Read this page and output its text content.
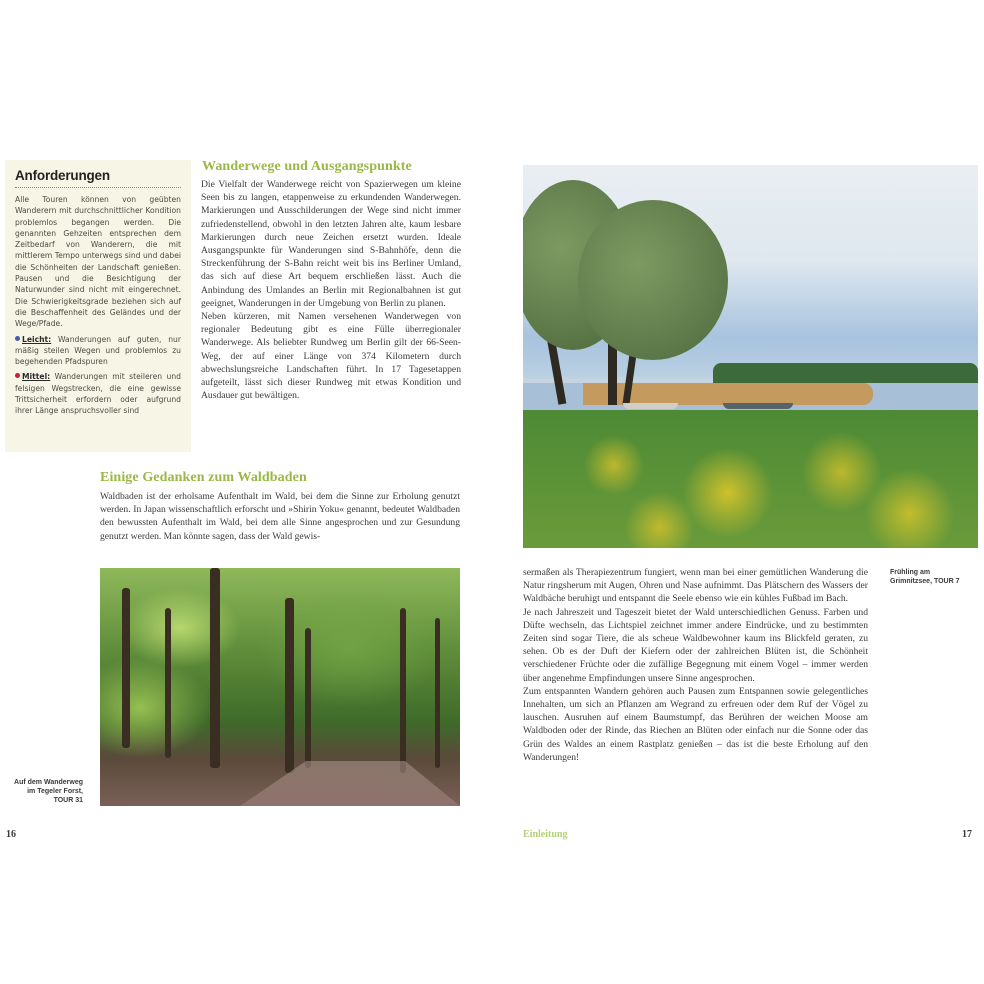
Anforderungen
Alle Touren können von geübten Wanderern mit durchschnittlicher Kondition problemlos begangen werden. Die genannten Gehzeiten entsprechen dem Zeitbedarf von Wanderern, die mit mittlerem Tempo unterwegs sind und dabei die Schönheiten der Landschaft genießen. Pausen und die Besichtigung der Naturwunder sind nicht mit eingerechnet. Die Schwierigkeitsgrade beziehen sich auf die Beschaffenheit des Geländes und der Wege/Pfade.
Leicht: Wanderungen auf guten, nur mäßig steilen Wegen und problemlos zu begehenden Pfadspuren
Mittel: Wanderungen mit steileren und felsigen Wegstrecken, die eine gewisse Trittsicherheit erfordern oder aufgrund ihrer Länge anspruchsvoller sind
Wanderwege und Ausgangspunkte

Die Vielfalt der Wanderwege reicht von Spazierwegen um kleine Seen bis zu langen, etappenweise zu erkundenden Wanderwegen. Markierungen und Ausschilderungen der Wege sind nicht immer zufriedenstellend, obwohl in den letzten Jahren alte, kaum lesbare Markierungen durch neue Zeichen ersetzt wurden. Ideale Ausgangspunkte für Wanderungen sind S-Bahnhöfe, denn die Streckenführung der S-Bahn reicht weit bis ins Berliner Umland, das sich auf diese Art bequem erschließen lässt. Auch die Anbindung des Umlandes an Berlin mit Regionalbahnen ist gut geeignet, Wanderungen in der Umgebung von Berlin zu planen.

Neben kürzeren, mit Namen versehenen Wanderwegen von regionaler Bedeutung gibt es eine Fülle überregionaler Wanderwege. Als beliebter Rundweg um Berlin gilt der 66-Seen-Weg, der auf einer Länge von 374 Kilometern durch abwechslungsreiche Landschaften führt. In 17 Tagesetappen aufgeteilt, lässt sich dieser Rundweg mit etwas Kondition und Ausdauer gut bewältigen.

Einige Gedanken zum Waldbaden

Waldbaden ist der erholsame Aufenthalt im Wald, bei dem die Sinne zur Erholung genutzt werden. In Japan wissenschaftlich erforscht und »Shirin Yoku« genannt, bedeutet Waldbaden den bewussten Aufenthalt im Wald, bei dem alle Sinne angesprochen und zur Gesundung genutzt werden. Man könnte sagen, dass der Wald gewis-

Auf dem Wanderweg
im Tegeler Forst,
TOUR 31
16
Frühling am
Grimnitzsee, TOUR 7

sermaßen als Therapiezentrum fungiert, wenn man bei einer gemütlichen Wanderung die Natur ringsherum mit Augen, Ohren und Nase aufnimmt. Das Plätschern des Wassers der Waldbäche beruhigt und entspannt die Seele ebenso wie ein kühles Fußbad im Bach.

Je nach Jahreszeit und Tageszeit bietet der Wald unterschiedlichen Genuss. Farben und Düfte wechseln, das Lichtspiel zeichnet immer andere Eindrücke, und zu bestimmten Zeiten sind sogar Tiere, die als scheue Waldbewohner kaum ins Blickfeld geraten, zu sehen. Ob es der Duft der Kiefern oder der zahlreichen Blüten ist, die Schönheit verschiedener Früchte oder die zufällige Begegnung mit einem Vogel – immer werden über angenehme Empfindungen unsere Sinne angesprochen.

Zum entspannten Wandern gehören auch Pausen zum Entspannen sowie gelegentliches Innehalten, um sich an Pflanzen am Wegrand zu erfreuen oder dem Ruf der Vögel zu lauschen. Ausruhen auf einem Baumstumpf, das Berühren der weichen Moose am Waldboden oder der Rinde, das Riechen an Blüten oder einfach nur die Sonne oder das Grün des Waldes an einem Rastplatz genießen – das ist die beste Erholung auf den Wanderungen!

Einleitung	17
